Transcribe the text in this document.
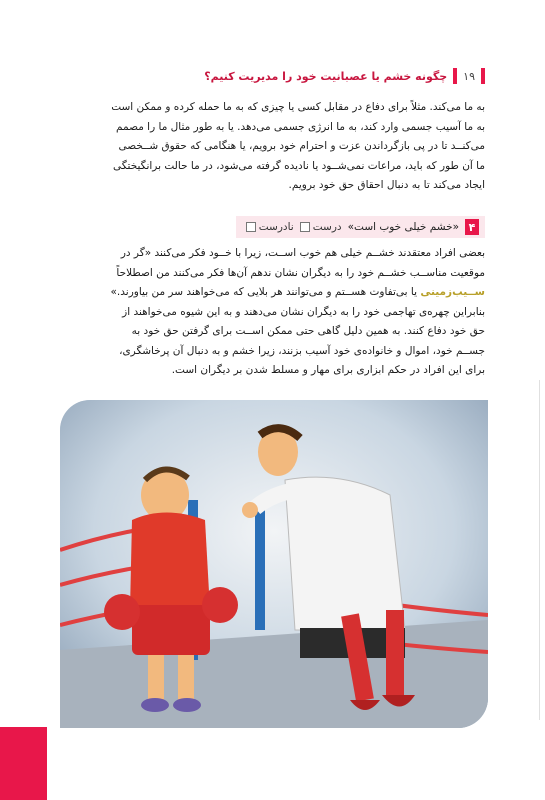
۱۹
چگونه خشم یا عصبانیت خود را مدیریت کنیم؟
به ما می‌کند. مثلاً برای دفاع در مقابل کسی یا چیزی که به ما حمله کرده و ممکن است
به ما آسیب جسمی وارد کند، به ما انرژی جسمی می‌دهد. یا به طور مثال ما را مصمم
می‌کنــد تا در پی بازگرداندن عزت و احترام خود برویم، یا هنگامی که حقوق شــخصی
ما آن طور که باید، مراعات نمی‌شــود یا نادیده گرفته می‌شود، در ما حالت برانگیختگی
ایجاد می‌کند تا به دنبال احقاق حق خود برویم.
۴
«خشم خیلی خوب است»
درست
نادرست
بعضی افراد معتقدند خشــم خیلی هم خوب اســت، زیرا با خــود فکر می‌کنند «گر در
موقعیت مناســب خشــم خود را به دیگران نشان ندهم آن‌ها فکر می‌کنند من اصطلاحاً
ســیب‌زمینی یا بی‌تفاوت هســتم و می‌توانند هر بلایی که می‌خواهند سر من بیاورند.»
بنابراین چهره‌ی تهاجمی خود را به دیگران نشان می‌دهند و به این شیوه می‌خواهند از
حق خود دفاع کنند. به همین دلیل گاهی حتی ممکن اســت برای گرفتن حق خود به
جســم خود، اموال و خانواده‌ی خود آسیب بزنند، زیرا خشم و به دنبال آن پرخاشگری،
برای این افراد در حکم ابزاری برای مهار و مسلط شدن بر دیگران است.
